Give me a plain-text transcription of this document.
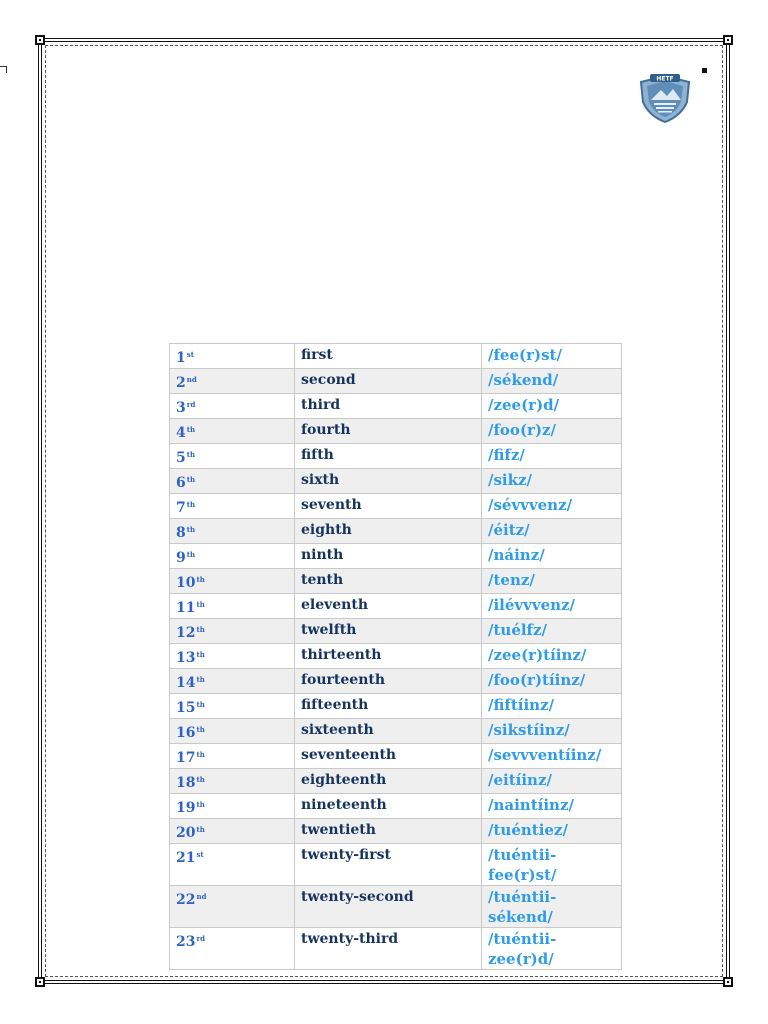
HETF
1st	first	/fee(r)st/
2nd	second	/sékend/
3rd	third	/zee(r)d/
4th	fourth	/foo(r)z/
5th	fifth	/fifz/
6th	sixth	/sikz/
7th	seventh	/sévvvenz/
8th	eighth	/éitz/
9th	ninth	/náinz/
10th	tenth	/tenz/
11th	eleventh	/ilévvvenz/
12th	twelfth	/tuélfz/
13th	thirteenth	/zee(r)tíinz/
14th	fourteenth	/foo(r)tíinz/
15th	fifteenth	/fiftíinz/
16th	sixteenth	/sikstíinz/
17th	seventeenth	/sevvventíinz/
18th	eighteenth	/eitíinz/
19th	nineteenth	/naintíinz/
20th	twentieth	/tuéntiez/
21st	twenty-first	/tuéntii-
fee(r)st/
22nd	twenty-second	/tuéntii-
sékend/
23rd	twenty-third	/tuéntii-
zee(r)d/
